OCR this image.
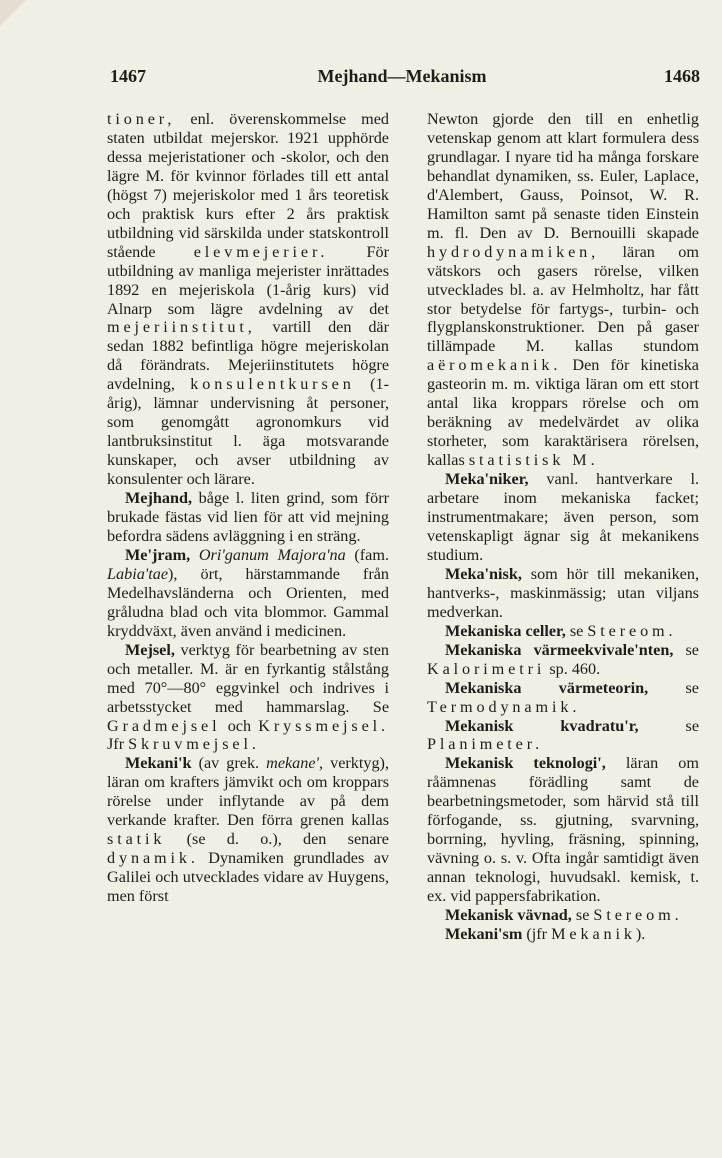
1467	Mejhand—Mekanism	1468

tioner, enl. överenskommelse med staten utbildat mejerskor. 1921 upphörde dessa mejeristationer och -skolor, och den lägre M. för kvinnor förlades till ett antal (högst 7) mejeriskolor med 1 års teoretisk och praktisk kurs efter 2 års praktisk utbildning vid särskilda under statskontroll stående elevmejerier. För utbildning av manliga mejerister inrättades 1892 en mejeriskola (1-årig kurs) vid Alnarp som lägre avdelning av det mejeriinstitut, vartill den där sedan 1882 befintliga högre mejeriskolan då förändrats. Mejeriinstitutets högre avdelning, konsulentkursen (1-årig), lämnar undervisning åt personer, som genomgått agronomkurs vid lantbruksinstitut l. äga motsvarande kunskaper, och avser utbildning av konsulenter och lärare.

Mejhand, båge l. liten grind, som förr brukade fästas vid lien för att vid mejning befordra sädens avläggning i en sträng.

Me'jram, Ori'ganum Majora'na (fam. Labia'tae), ört, härstammande från Medelhavsländerna och Orienten, med gråludna blad och vita blommor. Gammal kryddväxt, även använd i medicinen.

Mejsel, verktyg för bearbetning av sten och metaller. M. är en fyrkantig stålstång med 70°—80° eggvinkel och indrives i arbetsstycket med hammarslag. Se Gradmejsel och Kryssmejsel. Jfr Skruvmejsel.

Mekani'k (av grek. mekane', verktyg), läran om krafters jämvikt och om kroppars rörelse under inflytande av på dem verkande krafter. Den förra grenen kallas statik (se d. o.), den senare dynamik. Dynamiken grundlades av Galilei och utvecklades vidare av Huygens, men först

Newton gjorde den till en enhetlig vetenskap genom att klart formulera dess grundlagar. I nyare tid ha många forskare behandlat dynamiken, ss. Euler, Laplace, d'Alembert, Gauss, Poinsot, W. R. Hamilton samt på senaste tiden Einstein m. fl. Den av D. Bernouilli skapade hydrodynamiken, läran om vätskors och gasers rörelse, vilken utvecklades bl. a. av Helmholtz, har fått stor betydelse för fartygs-, turbin- och flygplanskonstruktioner. Den på gaser tillämpade M. kallas stundom aëromekanik. Den för kinetiska gasteorin m. m. viktiga läran om ett stort antal lika kroppars rörelse och om beräkning av medelvärdet av olika storheter, som karaktärisera rörelsen, kallas statistisk M.

Meka'niker, vanl. hantverkare l. arbetare inom mekaniska facket; instrumentmakare; även person, som vetenskapligt ägnar sig åt mekanikens studium.

Meka'nisk, som hör till mekaniken, hantverks-, maskinmässig; utan viljans medverkan.

Mekaniska celler, se Stereom.

Mekaniska värmeekvivale'nten, se Kalorimetri sp. 460.

Mekaniska värmeteorin, se Termodynamik.

Mekanisk kvadratu'r, se Planimeter.

Mekanisk teknologi', läran om råämnenas förädling samt de bearbetningsmetoder, som härvid stå till förfogande, ss. gjutning, svarvning, borrning, hyvling, fräsning, spinning, vävning o. s. v. Ofta ingår samtidigt även annan teknologi, huvudsakl. kemisk, t. ex. vid pappersfabrikation.

Mekanisk vävnad, se Stereom.

Mekani'sm (jfr Mekanik).
